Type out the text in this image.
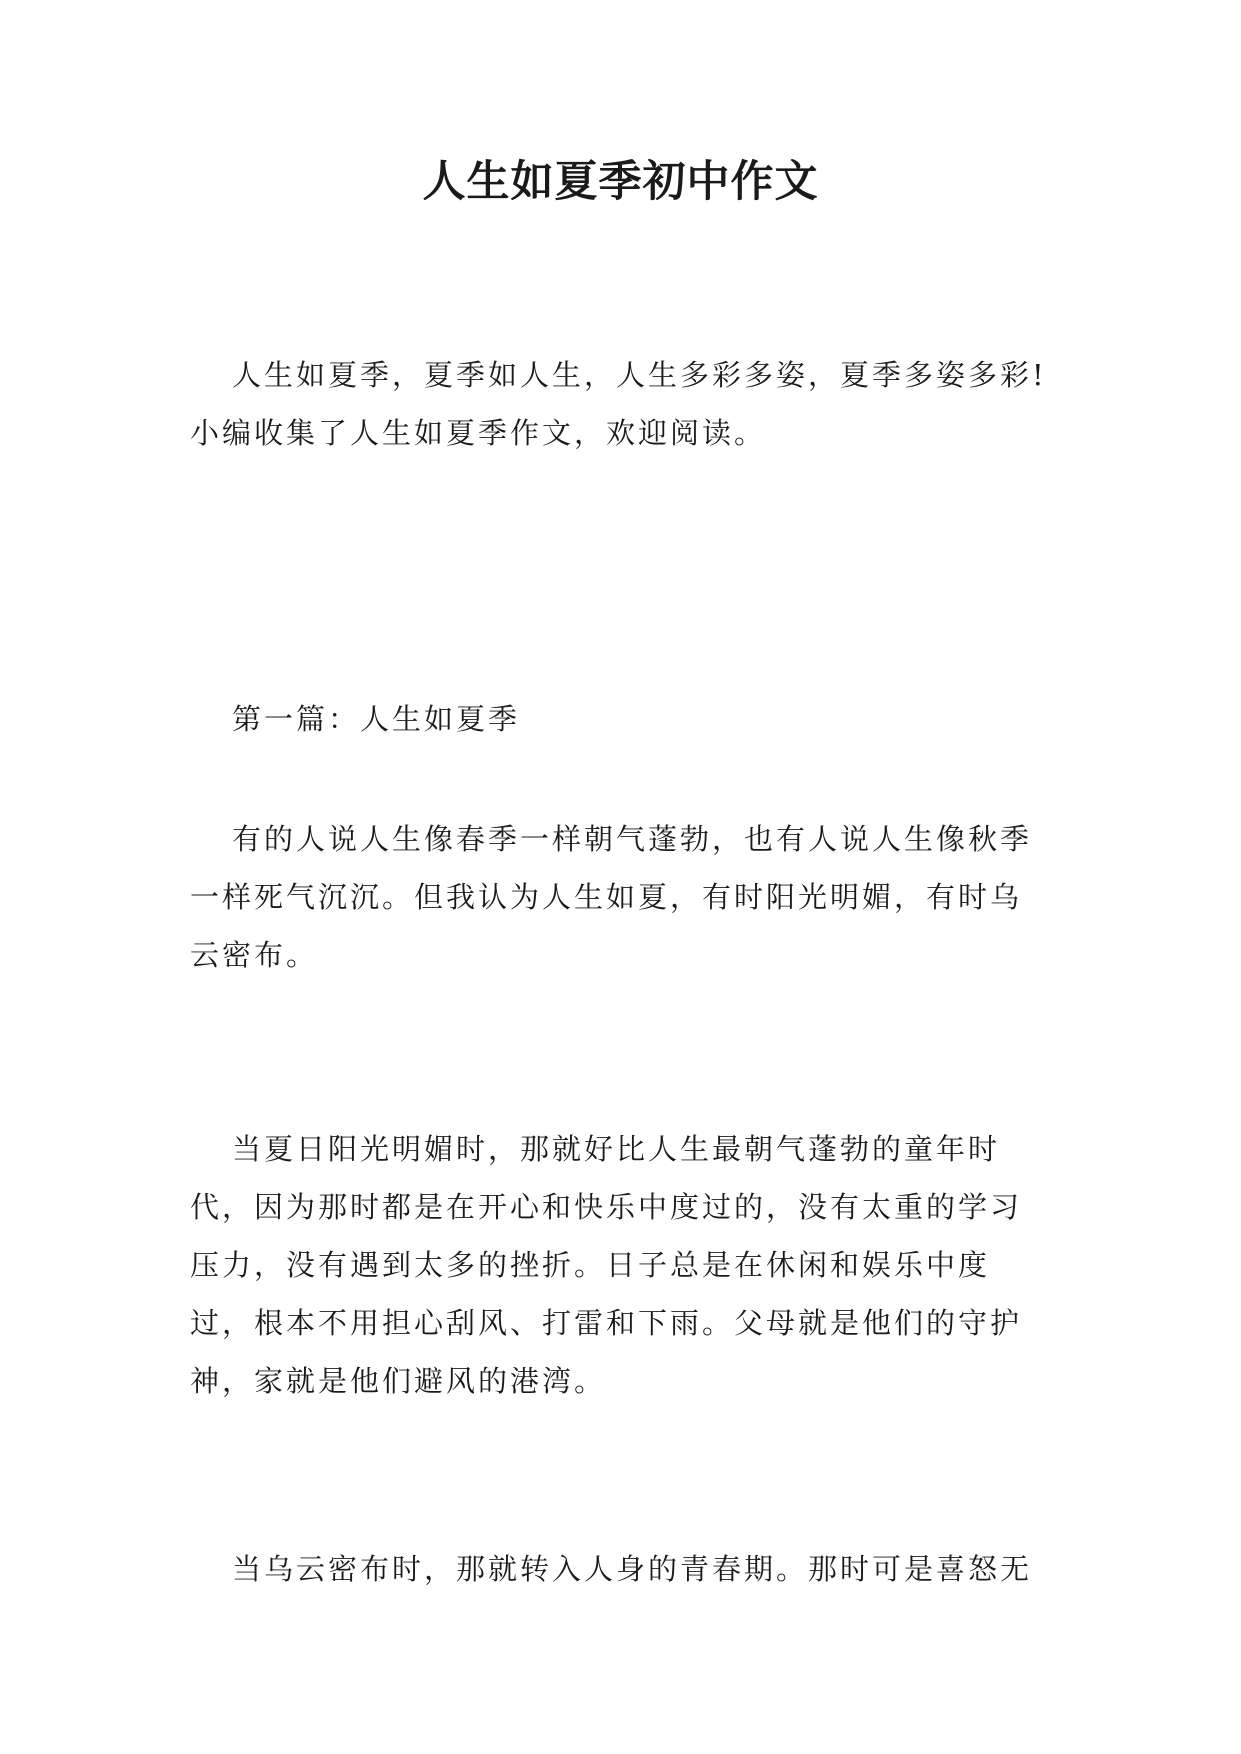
人生如夏季初中作文

人生如夏季，夏季如人生，人生多彩多姿，夏季多姿多彩!小编收集了人生如夏季作文，欢迎阅读。

第一篇：人生如夏季

有的人说人生像春季一样朝气蓬勃，也有人说人生像秋季一样死气沉沉。但我认为人生如夏，有时阳光明媚，有时乌云密布。

当夏日阳光明媚时，那就好比人生最朝气蓬勃的童年时代，因为那时都是在开心和快乐中度过的，没有太重的学习压力，没有遇到太多的挫折。日子总是在休闲和娱乐中度过，根本不用担心刮风、打雷和下雨。父母就是他们的守护神，家就是他们避风的港湾。

当乌云密布时，那就转入人身的青春期。那时可是喜怒无
